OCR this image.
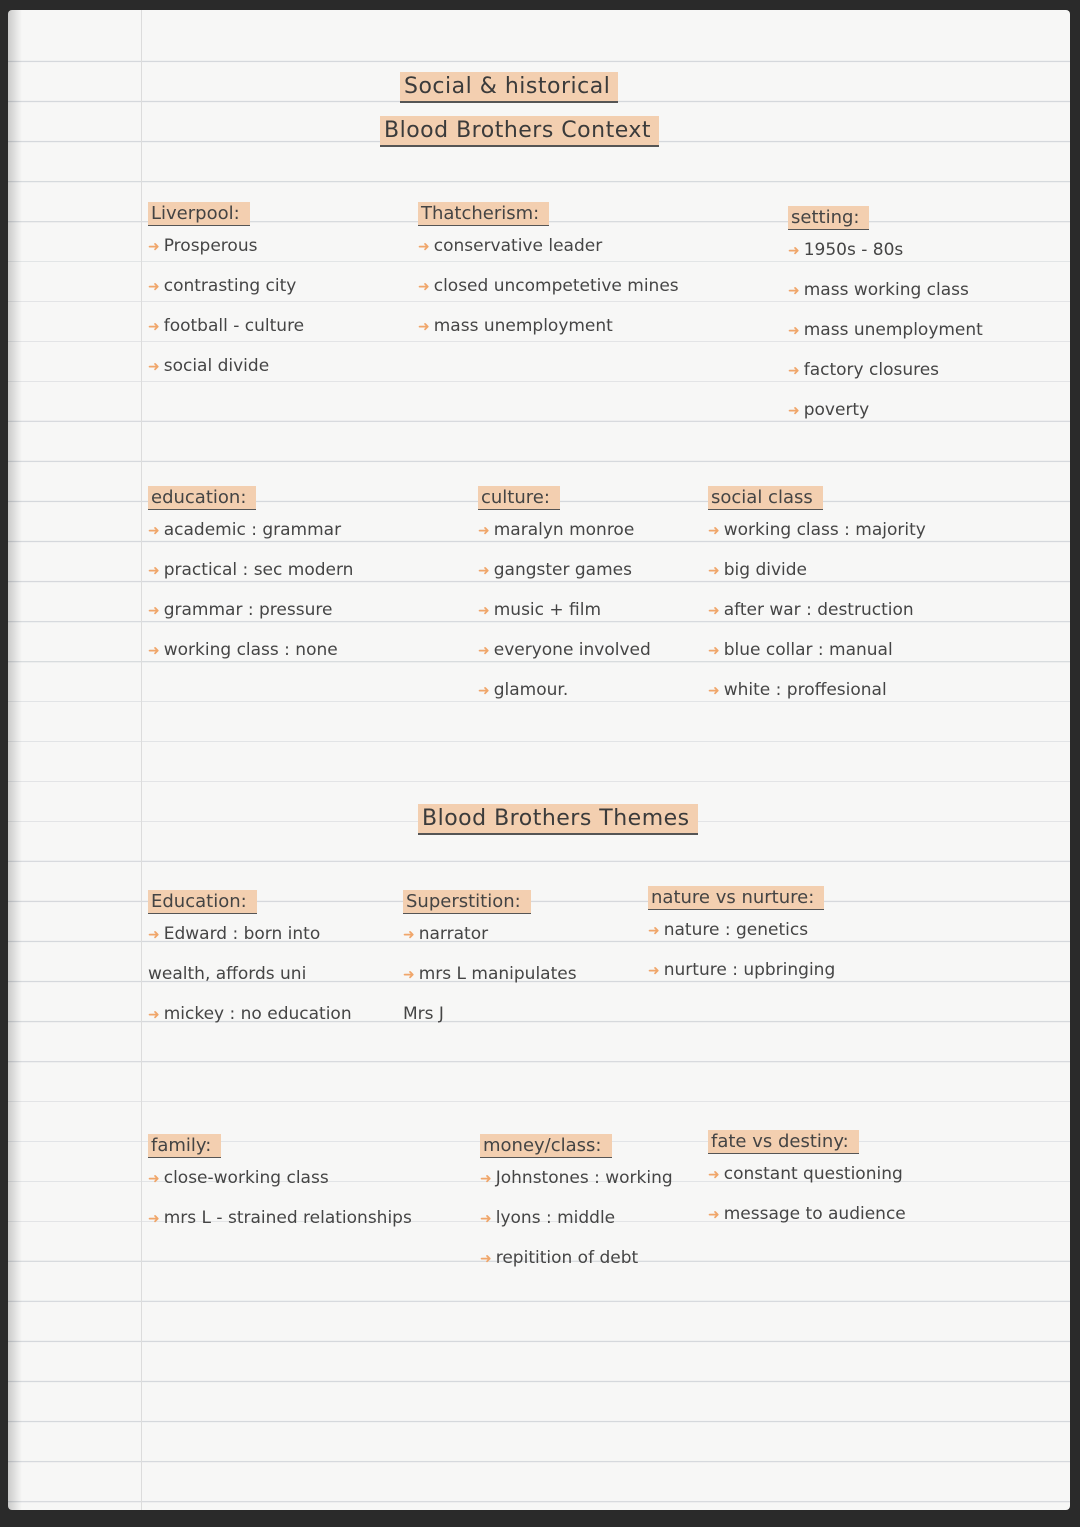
Social & historical
Blood Brothers Context
Liverpool:
➜ Prosperous
➜ contrasting city
➜ football - culture
➜ social divide
Thatcherism:
➜ conservative leader
➜ closed uncompetetive mines
➜ mass unemployment
setting:
➜ 1950s - 80s
➜ mass working class
➜ mass unemployment
➜ factory closures
➜ poverty
education:
➜ academic : grammar
➜ practical : sec modern
➜ grammar : pressure
➜ working class : none
culture:
➜ maralyn monroe
➜ gangster games
➜ music + film
➜ everyone involved
➜ glamour.
social class
➜ working class : majority
➜ big divide
➜ after war : destruction
➜ blue collar : manual
➜ white : proffesional
Blood Brothers Themes
Education:
➜ Edward : born into
wealth, affords uni
➜ mickey : no education
Superstition:
➜ narrator
➜ mrs L manipulates
Mrs J
nature vs nurture:
➜ nature : genetics
➜ nurture : upbringing
family:
➜ close-working class
➜ mrs L - strained relationships
money/class:
➜ Johnstones : working
➜ lyons : middle
➜ repitition of debt
fate vs destiny:
➜ constant questioning
➜ message to audience
